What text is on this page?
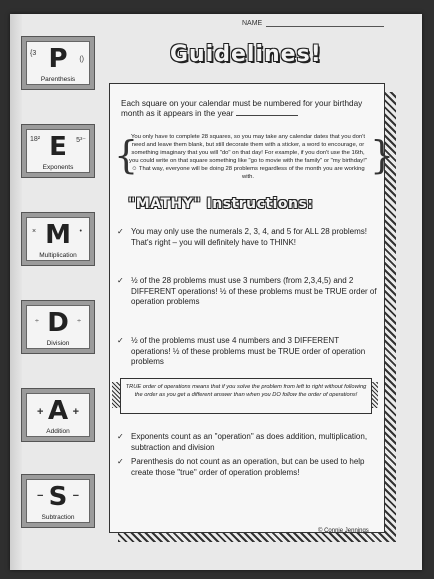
NAME
{3
()
P
Parenthesis
18²	5³⁻
E
Exponents
×	•
M
Multiplication
÷	÷
D
Division
+	+
A
Addition
−	−
S
Subtraction
Guidelines!
Each square on your calendar must be numbered for your birthday month as it appears in the year
{	}
You only have to complete 28 squares, so you may take any calendar dates that you don't need and leave them blank, but still decorate them with a sticker, a word to encourage, or something imaginary that you will "do" on that day! For example, if you don't use the 16th, you could write on that square something like "go to movie with the family" or "my birthday!" ☺ That way, everyone will be doing 28 problems regardless of the month you are working with.
"MATHY" Instructions:
✓ You may only use the numerals 2, 3, 4, and 5 for ALL 28 problems! That's right – you will definitely have to THINK!
✓ ½ of the 28 problems must use 3 numbers (from 2,3,4,5) and 2 DIFFERENT operations! ½ of these problems must be TRUE order of operation problems
✓ ½ of the problems must use 4 numbers and 3 DIFFERENT operations! ½ of these problems must be TRUE order of operation problems
TRUE order of operations means that if you solve the problem from left to right without following the order as you get a different answer than when you DO follow the order of operations!
✓ Exponents count as an "operation" as does addition, multiplication, subtraction and division
✓ Parenthesis do not count as an operation, but can be used to help create those "true" order of operation problems!
© Connie Jennings
